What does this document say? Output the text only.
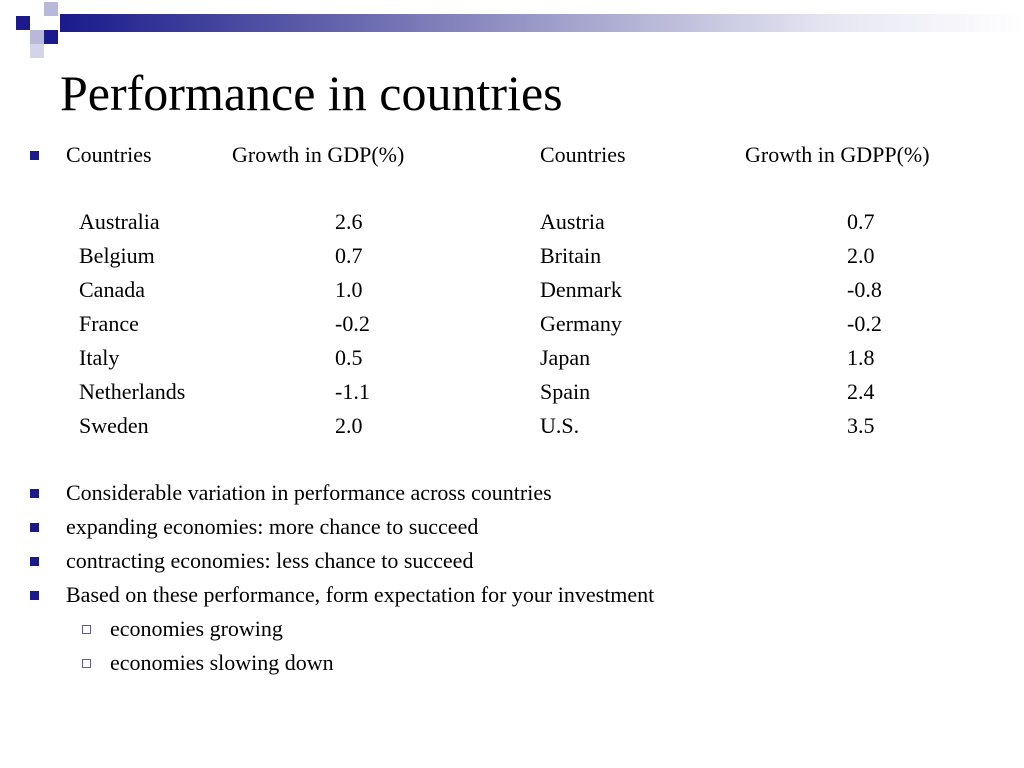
Performance in countries
Countries	Growth in GDP(%)	Countries	Growth in GDPP(%)
Australia	2.6	Austria	0.7
Belgium	0.7	Britain	2.0
Canada	1.0	Denmark	-0.8
France	-0.2	Germany	-0.2
Italy	0.5	Japan	1.8
Netherlands	-1.1	Spain	2.4
Sweden	2.0	U.S.	3.5
Considerable variation in performance across countries
expanding economies: more chance to succeed
contracting economies: less chance to succeed
Based on these performance, form expectation for your investment
economies growing
economies slowing down
